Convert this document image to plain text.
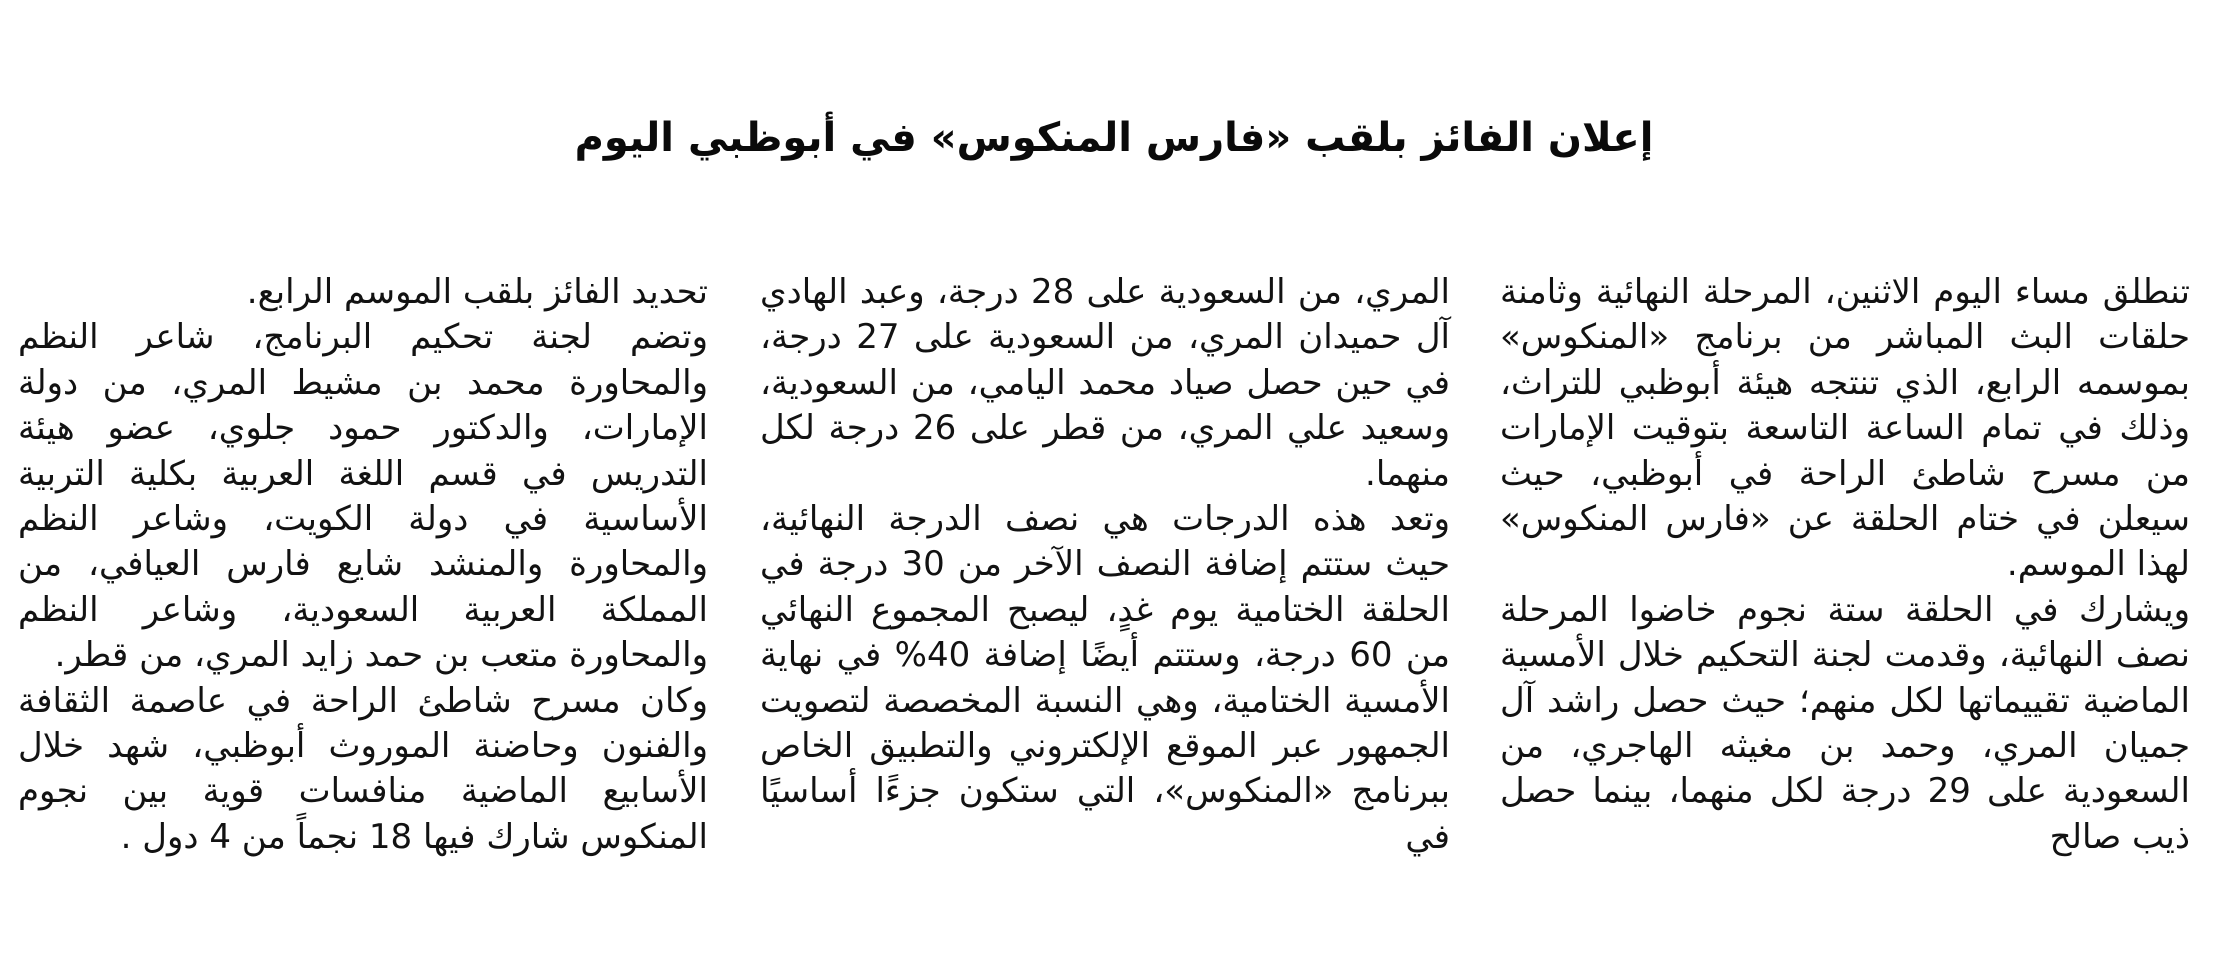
إعلان الفائز بلقب «فارس المنكوس» في أبوظبي اليوم

تنطلق مساء اليوم الاثنين، المرحلة النهائية وثامنة حلقات البث المباشر من برنامج «المنكوس» بموسمه الرابع، الذي تنتجه هيئة أبوظبي للتراث، وذلك في تمام الساعة التاسعة بتوقيت الإمارات من مسرح شاطئ الراحة في أبوظبي، حيث سيعلن في ختام الحلقة عن «فارس المنكوس» لهذا الموسم.

ويشارك في الحلقة ستة نجوم خاضوا المرحلة نصف النهائية، وقدمت لجنة التحكيم خلال الأمسية الماضية تقييماتها لكل منهم؛ حيث حصل راشد آل جميان المري، وحمد بن مغيثه الهاجري، من السعودية على 29 درجة لكل منهما، بينما حصل ذيب صالح

المري، من السعودية على 28 درجة، وعبد الهادي آل حميدان المري، من السعودية على 27 درجة، في حين حصل صياد محمد اليامي، من السعودية، وسعيد علي المري، من قطر على 26 درجة لكل منهما.

وتعد هذه الدرجات هي نصف الدرجة النهائية، حيث ستتم إضافة النصف الآخر من 30 درجة في الحلقة الختامية يوم غدٍ، ليصبح المجموع النهائي من 60 درجة، وستتم أيضًا إضافة 40% في نهاية الأمسية الختامية، وهي النسبة المخصصة لتصويت الجمهور عبر الموقع الإلكتروني والتطبيق الخاص ببرنامج «المنكوس»، التي ستكون جزءًا أساسيًا في

تحديد الفائز بلقب الموسم الرابع.

وتضم لجنة تحكيم البرنامج، شاعر النظم والمحاورة محمد بن مشيط المري، من دولة الإمارات، والدكتور حمود جلوي، عضو هيئة التدريس في قسم اللغة العربية بكلية التربية الأساسية في دولة الكويت، وشاعر النظم والمحاورة والمنشد شايع فارس العيافي، من المملكة العربية السعودية، وشاعر النظم والمحاورة متعب بن حمد زايد المري، من قطر.

وكان مسرح شاطئ الراحة في عاصمة الثقافة والفنون وحاضنة الموروث أبوظبي، شهد خلال الأسابيع الماضية منافسات قوية بين نجوم المنكوس شارك فيها 18 نجماً من 4 دول .
